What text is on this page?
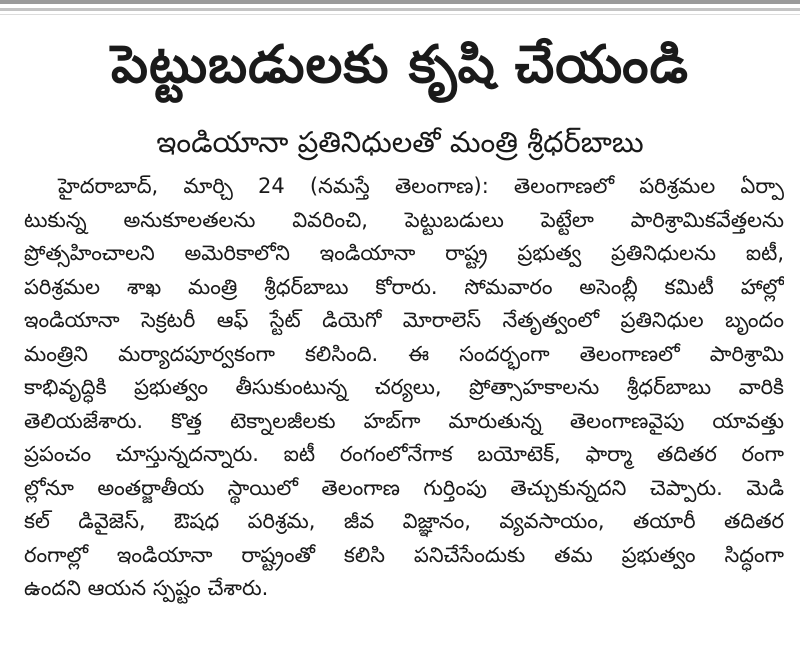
పెట్టుబడులకు కృషి చేయండి
ఇండియానా ప్రతినిధులతో మంత్రి శ్రీధర్‌బాబు
హైదరాబాద్, మార్చి 24 (నమస్తే తెలంగాణ): తెలంగాణలో పరిశ్రమల ఏర్పా
టుకున్న అనుకూలతలను వివరించి, పెట్టుబడులు పెట్టేలా పారిశ్రామికవేత్తలను
ప్రోత్సహించాలని అమెరికాలోని ఇండియానా రాష్ట్ర ప్రభుత్వ ప్రతినిధులను ఐటీ,
పరిశ్రమల శాఖ మంత్రి శ్రీధర్‌బాబు కోరారు. సోమవారం అసెంబ్లీ కమిటీ హాల్లో
ఇండియానా సెక్రటరీ ఆఫ్ స్టేట్ డియెగో మోరాలెస్ నేతృత్వంలో ప్రతినిధుల బృందం
మంత్రిని మర్యాదపూర్వకంగా కలిసింది. ఈ సందర్భంగా తెలంగాణలో పారిశ్రామి
కాభివృద్ధికి ప్రభుత్వం తీసుకుంటున్న చర్యలు, ప్రోత్సాహకాలను శ్రీధర్‌బాబు వారికి
తెలియజేశారు. కొత్త టెక్నాలజీలకు హబ్‌గా మారుతున్న తెలంగాణవైపు యావత్తు
ప్రపంచం చూస్తున్నదన్నారు. ఐటీ రంగంలోనేగాక బయోటెక్, ఫార్మా తదితర రంగా
ల్లోనూ అంతర్జాతీయ స్థాయిలో తెలంగాణ గుర్తింపు తెచ్చుకున్నదని చెప్పారు. మెడి
కల్ డివైజెస్, ఔషధ పరిశ్రమ, జీవ విజ్ఞానం, వ్యవసాయం, తయారీ తదితర
రంగాల్లో ఇండియానా రాష్ట్రంతో కలిసి పనిచేసేందుకు తమ ప్రభుత్వం సిద్ధంగా
ఉందని ఆయన స్పష్టం చేశారు.
